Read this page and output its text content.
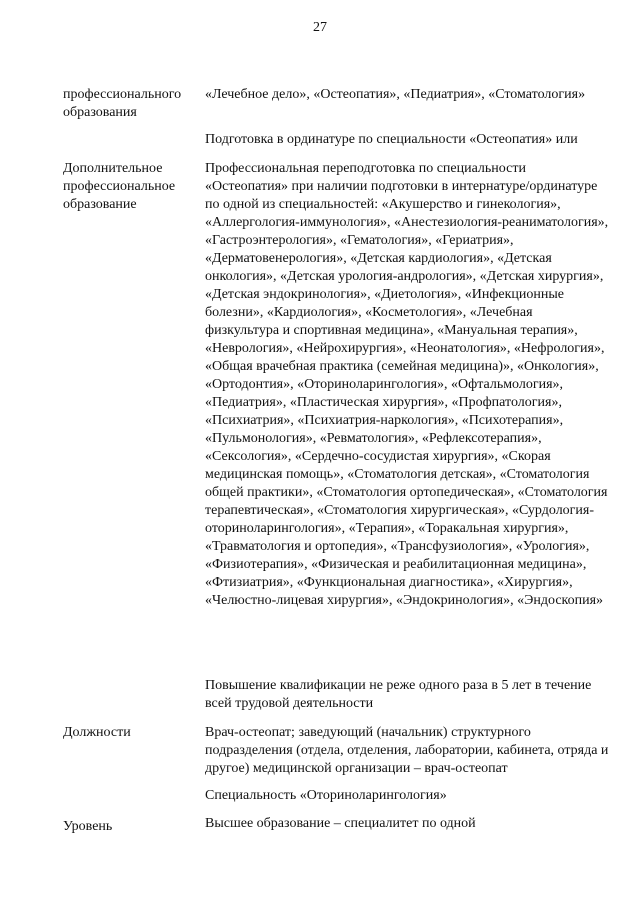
27
профессионального образования
«Лечебное дело», «Остеопатия», «Педиатрия», «Стоматология»
Подготовка в ординатуре по специальности «Остеопатия» или
Дополнительное профессиональное образование
Профессиональная переподготовка по специальности «Остеопатия» при наличии подготовки в интернатуре/ординатуре по одной из специальностей: «Акушерство и гинекология», «Аллергология-иммунология», «Анестезиология-реаниматология», «Гастроэнтерология», «Гематология», «Гериатрия», «Дерматовенерология», «Детская кардиология», «Детская онкология», «Детская урология-андрология», «Детская хирургия», «Детская эндокринология», «Диетология», «Инфекционные болезни», «Кардиология», «Косметология», «Лечебная физкультура и спортивная медицина», «Мануальная терапия», «Неврология», «Нейрохирургия», «Неонатология», «Нефрология», «Общая врачебная практика (семейная медицина)», «Онкология», «Ортодонтия», «Оториноларингология», «Офтальмология», «Педиатрия», «Пластическая хирургия», «Профпатология», «Психиатрия», «Психиатрия-наркология», «Психотерапия», «Пульмонология», «Ревматология», «Рефлексотерапия», «Сексология», «Сердечно-сосудистая хирургия», «Скорая медицинская помощь», «Стоматология детская», «Стоматология общей практики», «Стоматология ортопедическая», «Стоматология терапевтическая», «Стоматология хирургическая», «Сурдология-оториноларингология», «Терапия», «Торакальная хирургия», «Травматология и ортопедия», «Трансфузиология», «Урология», «Физиотерапия», «Физическая и реабилитационная медицина», «Фтизиатрия», «Функциональная диагностика», «Хирургия», «Челюстно-лицевая хирургия», «Эндокринология», «Эндоскопия»
Повышение квалификации не реже одного раза в 5 лет в течение всей трудовой деятельности
Должности	Врач-остеопат; заведующий (начальник) структурного подразделения (отдела, отделения, лаборатории, кабинета, отряда и другое) медицинской организации – врач-остеопат
Специальность «Оториноларингология»
Уровень	Высшее образование – специалитет по одной
